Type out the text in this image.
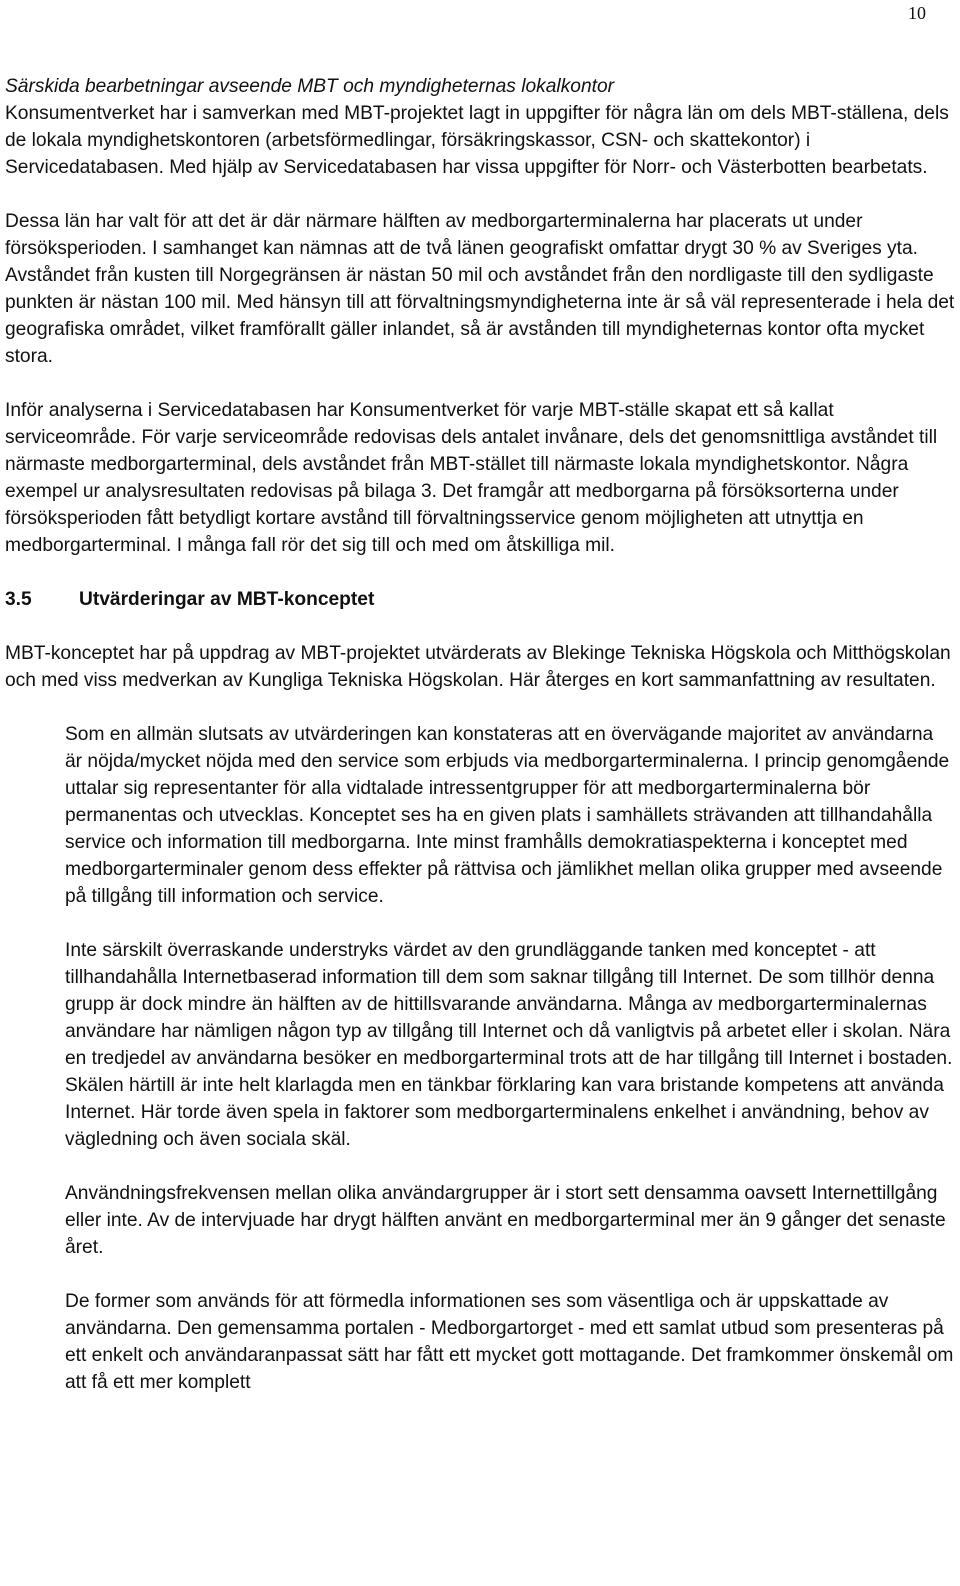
10

Särskida bearbetningar avseende MBT och myndigheternas lokalkontor

Konsumentverket har i samverkan med MBT-projektet lagt in uppgifter för några län om dels MBT-ställena, dels de lokala myndighetskontoren (arbetsförmedlingar, försäkringskassor, CSN- och skattekontor) i Servicedatabasen. Med hjälp av Servicedatabasen har vissa uppgifter för Norr- och Västerbotten bearbetats.

Dessa län har valt för att det är där närmare hälften av medborgarterminalerna har placerats ut under försöksperioden. I samhanget kan nämnas att de två länen geografiskt omfattar drygt 30 % av Sveriges yta. Avståndet från kusten till Norgegränsen är nästan 50 mil och avståndet från den nordligaste till den sydligaste punkten är nästan 100 mil. Med hänsyn till att förvaltningsmyndigheterna inte är så väl representerade i hela det geografiska området, vilket framförallt gäller inlandet, så är avstånden till myndigheternas kontor ofta mycket stora.

Inför analyserna i Servicedatabasen har Konsumentverket för varje MBT-ställe skapat ett så kallat serviceområde. För varje serviceområde redovisas dels antalet invånare, dels det genomsnittliga avståndet till närmaste medborgarterminal, dels avståndet från MBT-stället till närmaste lokala myndighetskontor. Några exempel ur analysresultaten redovisas på bilaga 3. Det framgår att medborgarna på försöksorterna under försöksperioden fått betydligt kortare avstånd till förvaltningsservice genom möjligheten att utnyttja en medborgarterminal. I många fall rör det sig till och med om åtskilliga mil.

3.5 Utvärderingar av MBT-konceptet

MBT-konceptet har på uppdrag av MBT-projektet utvärderats av Blekinge Tekniska Högskola och Mitthögskolan och med viss medverkan av Kungliga Tekniska Högskolan. Här återges en kort sammanfattning av resultaten.

Som en allmän slutsats av utvärderingen kan konstateras att en övervägande majoritet av användarna är nöjda/mycket nöjda med den service som erbjuds via medborgarterminalerna. I princip genomgående uttalar sig representanter för alla vidtalade intressentgrupper för att medborgarterminalerna bör permanentas och utvecklas. Konceptet ses ha en given plats i samhällets strävanden att tillhandahålla service och information till medborgarna. Inte minst framhålls demokratiaspekterna i konceptet med medborgarterminaler genom dess effekter på rättvisa och jämlikhet mellan olika grupper med avseende på tillgång till information och service.

Inte särskilt överraskande understryks värdet av den grundläggande tanken med konceptet - att tillhandahålla Internetbaserad information till dem som saknar tillgång till Internet. De som tillhör denna grupp är dock mindre än hälften av de hittillsvarande användarna. Många av medborgarterminalernas användare har nämligen någon typ av tillgång till Internet och då vanligtvis på arbetet eller i skolan. Nära en tredjedel av användarna besöker en medborgarterminal trots att de har tillgång till Internet i bostaden. Skälen härtill är inte helt klarlagda men en tänkbar förklaring kan vara bristande kompetens att använda Internet. Här torde även spela in faktorer som medborgarterminalens enkelhet i användning, behov av vägledning och även sociala skäl.

Användningsfrekvensen mellan olika användargrupper är i stort sett densamma oavsett Internettillgång eller inte. Av de intervjuade har drygt hälften använt en medborgarterminal mer än 9 gånger det senaste året.

De former som används för att förmedla informationen ses som väsentliga och är uppskattade av användarna. Den gemensamma portalen - Medborgartorget - med ett samlat utbud som presenteras på ett enkelt och användaranpassat sätt har fått ett mycket gott mottagande. Det framkommer önskemål om att få ett mer komplett
